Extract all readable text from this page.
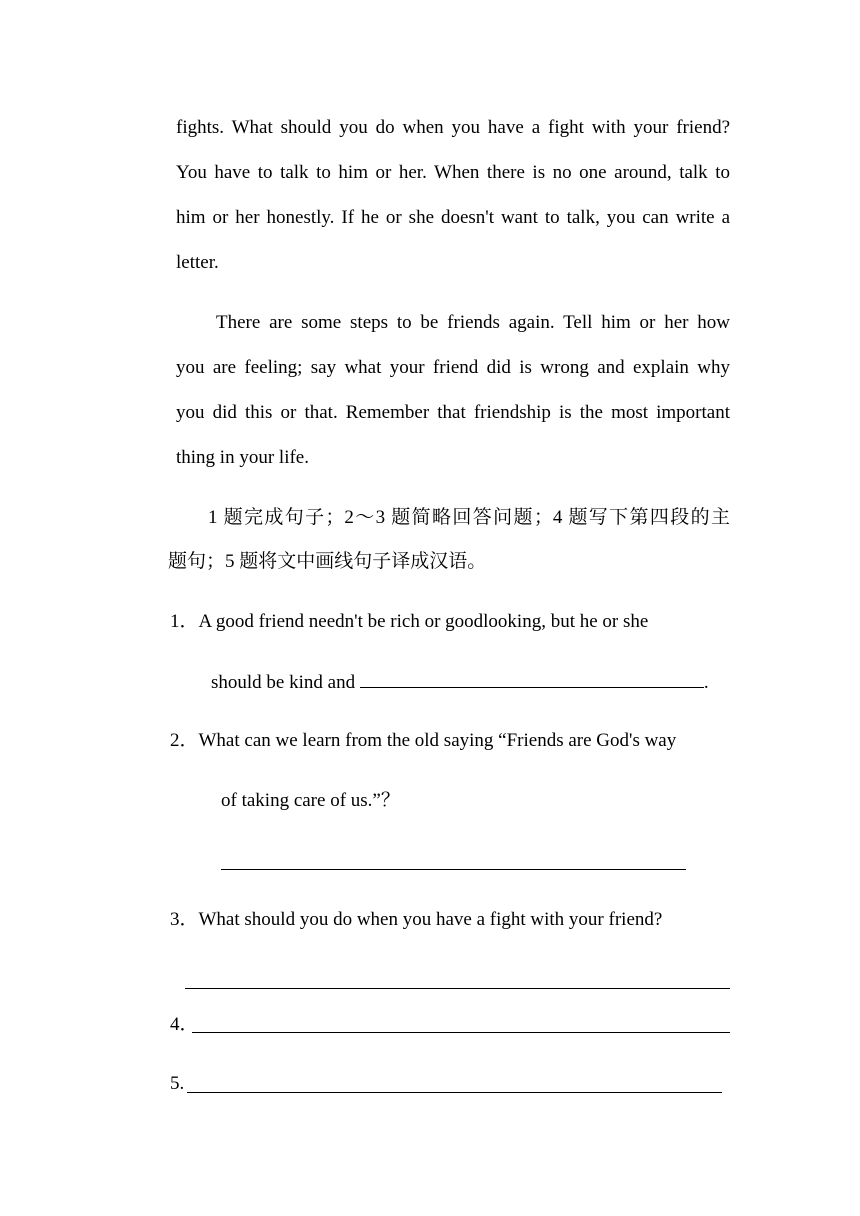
fights. What should you do when you have a fight with your friend?
You have to talk to him or her. When there is no one around, talk to
him or her honestly. If he or she doesn't want to talk, you can write a
letter.
There are some steps to be friends again. Tell him or her how
you are feeling; say what your friend did is wrong and explain why
you did this or that. Remember that friendship is the most important
thing in your life.
1 题完成句子；2～3 题简略回答问题；4 题写下第四段的主
题句；5 题将文中画线句子译成汉语。
1．A good friend needn't be rich or goodlooking, but he or she
should be kind and	.
2．What can we learn from the old saying “Friends are God's way
of taking care of us.”？
3．What should you do when you have a fight with your friend?
4．
5.
